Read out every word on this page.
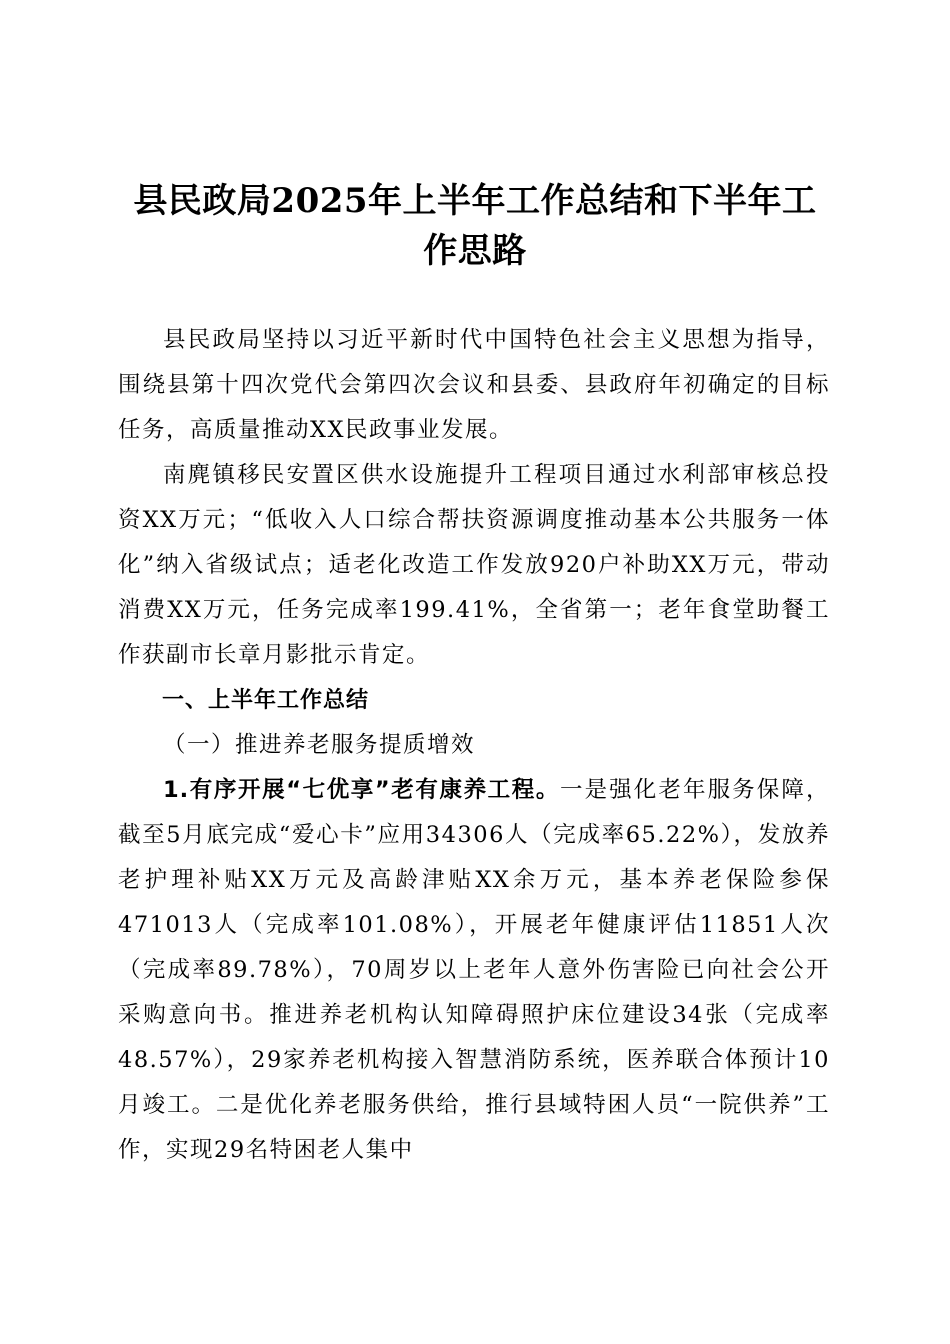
县民政局2025年上半年工作总结和下半年工
作思路

县民政局坚持以习近平新时代中国特色社会主义思想为指导，围绕县第十四次党代会第四次会议和县委、县政府年初确定的目标任务，高质量推动XX民政事业发展。

南麂镇移民安置区供水设施提升工程项目通过水利部审核总投资XX万元；“低收入人口综合帮扶资源调度推动基本公共服务一体化”纳入省级试点；适老化改造工作发放920户补助XX万元，带动消费XX万元，任务完成率199.41%，全省第一；老年食堂助餐工作获副市长章月影批示肯定。

一、上半年工作总结

（一）推进养老服务提质增效

1.有序开展“七优享”老有康养工程。一是强化老年服务保障，截至5月底完成“爱心卡”应用34306人（完成率65.22%），发放养老护理补贴XX万元及高龄津贴XX余万元，基本养老保险参保471013人（完成率101.08%），开展老年健康评估11851人次（完成率89.78%），70周岁以上老年人意外伤害险已向社会公开采购意向书。推进养老机构认知障碍照护床位建设34张（完成率48.57%），29家养老机构接入智慧消防系统，医养联合体预计10月竣工。二是优化养老服务供给，推行县域特困人员“一院供养”工作，实现29名特困老人集中
